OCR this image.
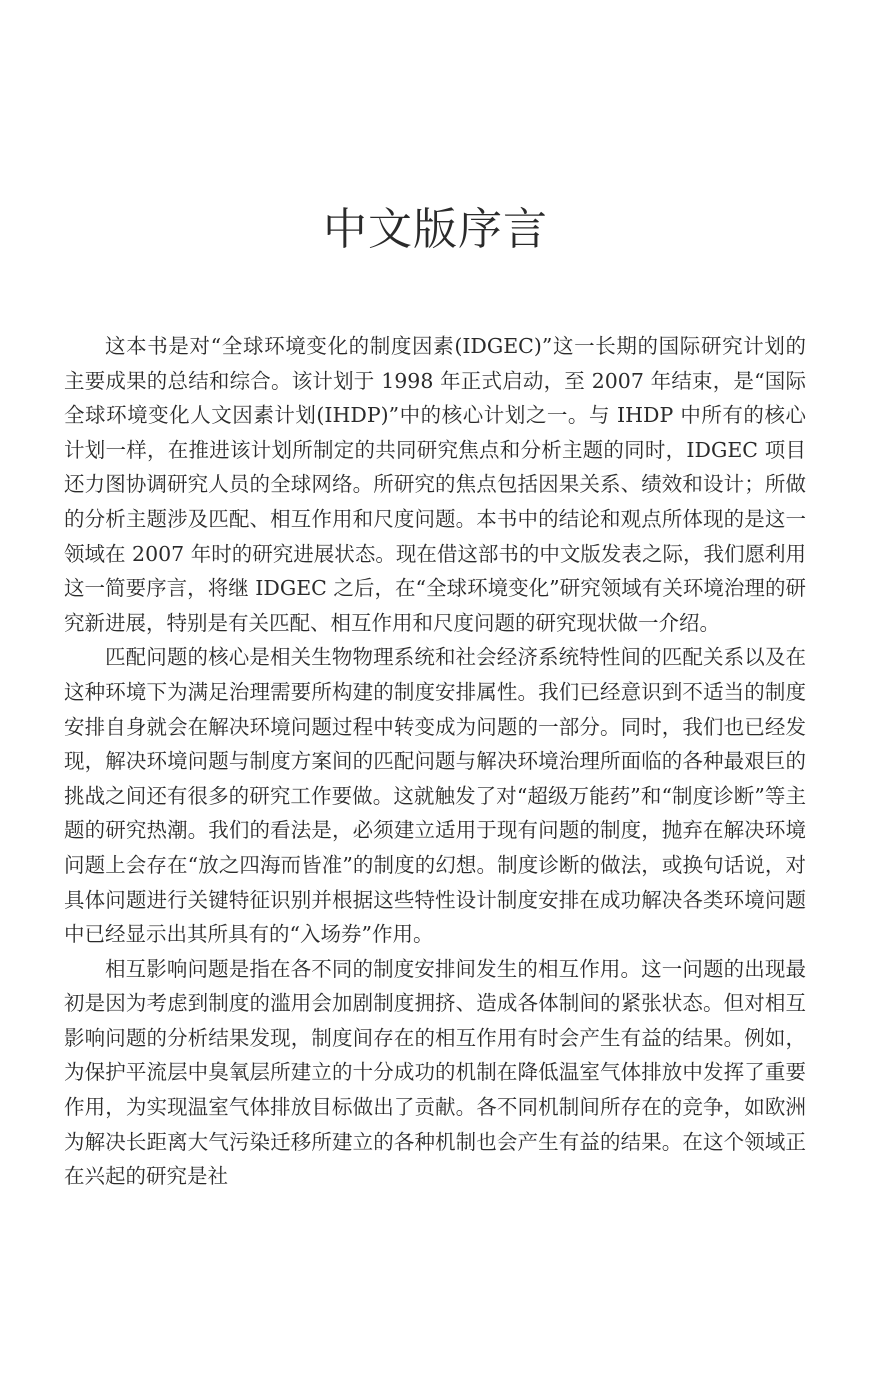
中文版序言

这本书是对“全球环境变化的制度因素(IDGEC)”这一长期的国际研究计划的主要成果的总结和综合。该计划于 1998 年正式启动，至 2007 年结束，是“国际全球环境变化人文因素计划(IHDP)”中的核心计划之一。与 IHDP 中所有的核心计划一样，在推进该计划所制定的共同研究焦点和分析主题的同时，IDGEC 项目还力图协调研究人员的全球网络。所研究的焦点包括因果关系、绩效和设计；所做的分析主题涉及匹配、相互作用和尺度问题。本书中的结论和观点所体现的是这一领域在 2007 年时的研究进展状态。现在借这部书的中文版发表之际，我们愿利用这一简要序言，将继 IDGEC 之后，在“全球环境变化”研究领域有关环境治理的研究新进展，特别是有关匹配、相互作用和尺度问题的研究现状做一介绍。

匹配问题的核心是相关生物物理系统和社会经济系统特性间的匹配关系以及在这种环境下为满足治理需要所构建的制度安排属性。我们已经意识到不适当的制度安排自身就会在解决环境问题过程中转变成为问题的一部分。同时，我们也已经发现，解决环境问题与制度方案间的匹配问题与解决环境治理所面临的各种最艰巨的挑战之间还有很多的研究工作要做。这就触发了对“超级万能药”和“制度诊断”等主题的研究热潮。我们的看法是，必须建立适用于现有问题的制度，抛弃在解决环境问题上会存在“放之四海而皆准”的制度的幻想。制度诊断的做法，或换句话说，对具体问题进行关键特征识别并根据这些特性设计制度安排在成功解决各类环境问题中已经显示出其所具有的“入场券”作用。

相互影响问题是指在各不同的制度安排间发生的相互作用。这一问题的出现最初是因为考虑到制度的滥用会加剧制度拥挤、造成各体制间的紧张状态。但对相互影响问题的分析结果发现，制度间存在的相互作用有时会产生有益的结果。例如，为保护平流层中臭氧层所建立的十分成功的机制在降低温室气体排放中发挥了重要作用，为实现温室气体排放目标做出了贡献。各不同机制间所存在的竞争，如欧洲为解决长距离大气污染迁移所建立的各种机制也会产生有益的结果。在这个领域正在兴起的研究是社
